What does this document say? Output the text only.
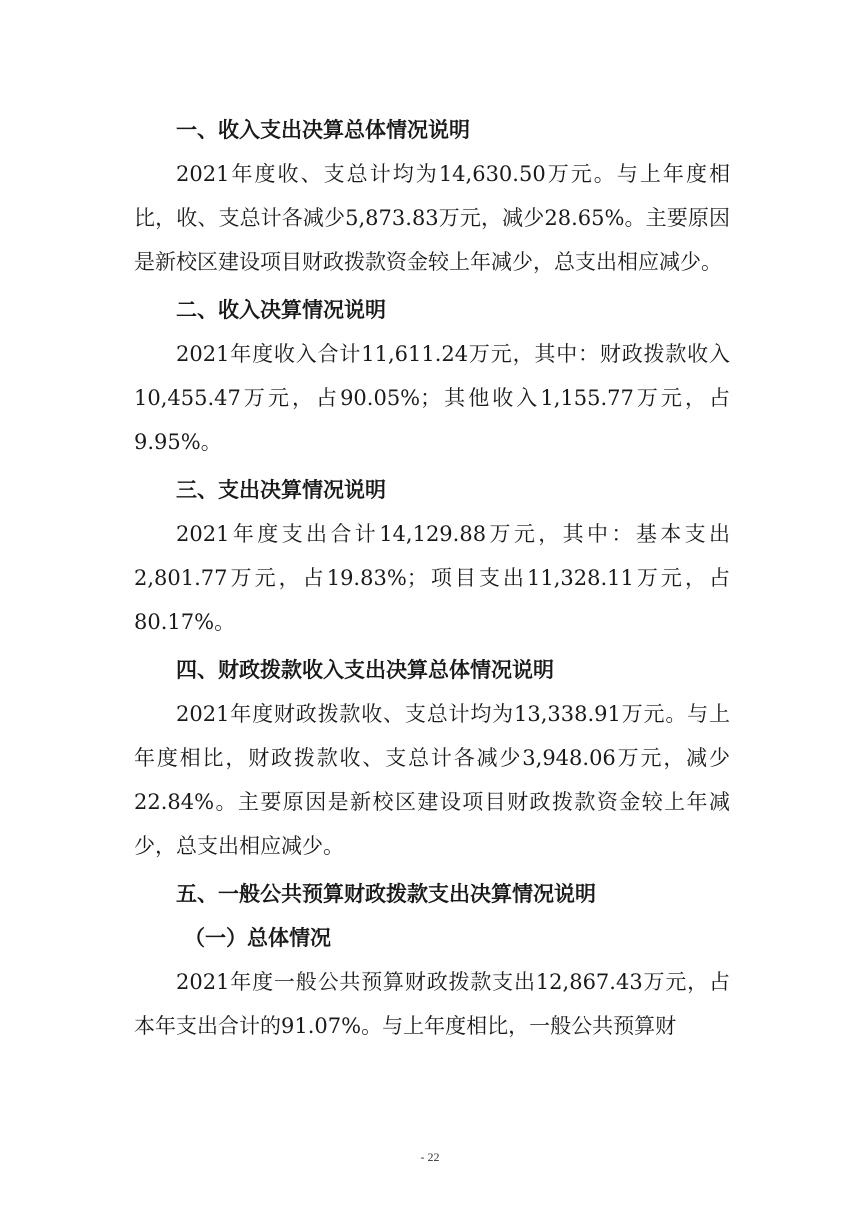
一、收入支出决算总体情况说明

2021年度收、支总计均为14,630.50万元。与上年度相比，收、支总计各减少5,873.83万元，减少28.65%。主要原因是新校区建设项目财政拨款资金较上年减少，总支出相应减少。

二、收入决算情况说明

2021年度收入合计11,611.24万元，其中：财政拨款收入10,455.47万元，占90.05%；其他收入1,155.77万元，占9.95%。

三、支出决算情况说明

2021年度支出合计14,129.88万元，其中：基本支出2,801.77万元，占19.83%；项目支出11,328.11万元，占80.17%。

四、财政拨款收入支出决算总体情况说明

2021年度财政拨款收、支总计均为13,338.91万元。与上年度相比，财政拨款收、支总计各减少3,948.06万元，减少22.84%。主要原因是新校区建设项目财政拨款资金较上年减少，总支出相应减少。

五、一般公共预算财政拨款支出决算情况说明
（一）总体情况

2021年度一般公共预算财政拨款支出12,867.43万元，占本年支出合计的91.07%。与上年度相比，一般公共预算财

- 22
